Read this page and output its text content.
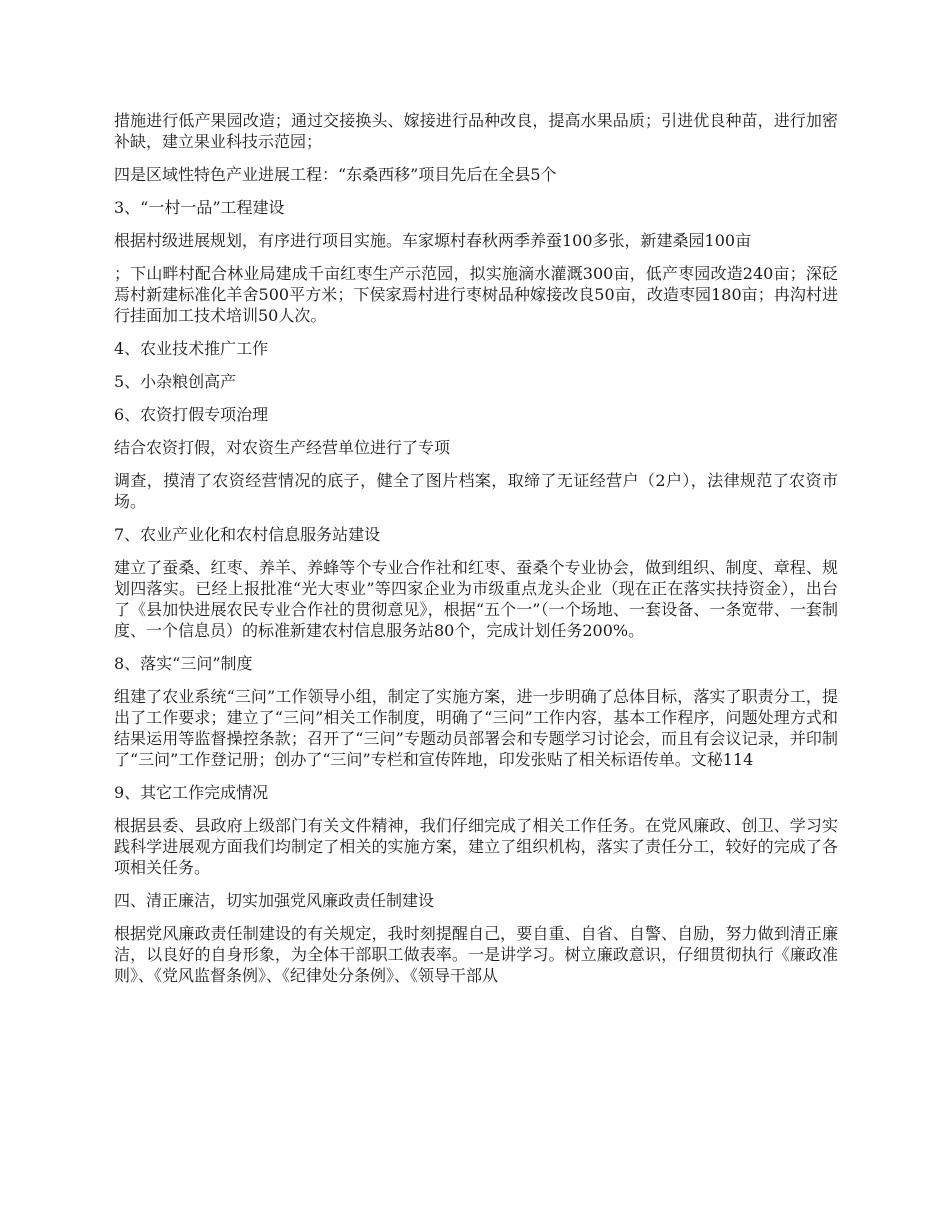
措施进行低产果园改造；通过交接换头、嫁接进行品种改良，提高水果品质；引进优良种苗，进行加密补缺，建立果业科技示范园；

四是区域性特色产业进展工程：“东桑西移”项目先后在全县5个

3、“一村一品”工程建设

根据村级进展规划，有序进行项目实施。车家塬村春秋两季养蚕100多张，新建桑园100亩

；下山畔村配合林业局建成千亩红枣生产示范园，拟实施滴水灌溉300亩，低产枣园改造240亩；深砭焉村新建标准化羊舍500平方米；下侯家焉村进行枣树品种嫁接改良50亩，改造枣园180亩；冉沟村进行挂面加工技术培训50人次。

4、农业技术推广工作

5、小杂粮创高产

6、农资打假专项治理

结合农资打假，对农资生产经营单位进行了专项

调查，摸清了农资经营情况的底子，健全了图片档案，取缔了无证经营户（2户），法律规范了农资市场。

7、农业产业化和农村信息服务站建设

建立了蚕桑、红枣、养羊、养蜂等个专业合作社和红枣、蚕桑个专业协会，做到组织、制度、章程、规划四落实。已经上报批准“光大枣业”等四家企业为市级重点龙头企业（现在正在落实扶持资金），出台了《县加快进展农民专业合作社的贯彻意见》，根据“五个一”（一个场地、一套设备、一条宽带、一套制度、一个信息员）的标准新建农村信息服务站80个，完成计划任务200%。

8、落实“三问”制度

组建了农业系统“三问”工作领导小组，制定了实施方案，进一步明确了总体目标，落实了职责分工，提出了工作要求；建立了“三问”相关工作制度，明确了“三问”工作内容，基本工作程序，问题处理方式和结果运用等监督操控条款；召开了“三问”专题动员部署会和专题学习讨论会，而且有会议记录，并印制了“三问”工作登记册；创办了“三问”专栏和宣传阵地，印发张贴了相关标语传单。文秘114

9、其它工作完成情况

根据县委、县政府上级部门有关文件精神，我们仔细完成了相关工作任务。在党风廉政、创卫、学习实践科学进展观方面我们均制定了相关的实施方案，建立了组织机构，落实了责任分工，较好的完成了各项相关任务。

四、清正廉洁，切实加强党风廉政责任制建设

根据党风廉政责任制建设的有关规定，我时刻提醒自己，要自重、自省、自警、自励，努力做到清正廉洁，以良好的自身形象，为全体干部职工做表率。一是讲学习。树立廉政意识，仔细贯彻执行《廉政准则》、《党风监督条例》、《纪律处分条例》、《领导干部从
